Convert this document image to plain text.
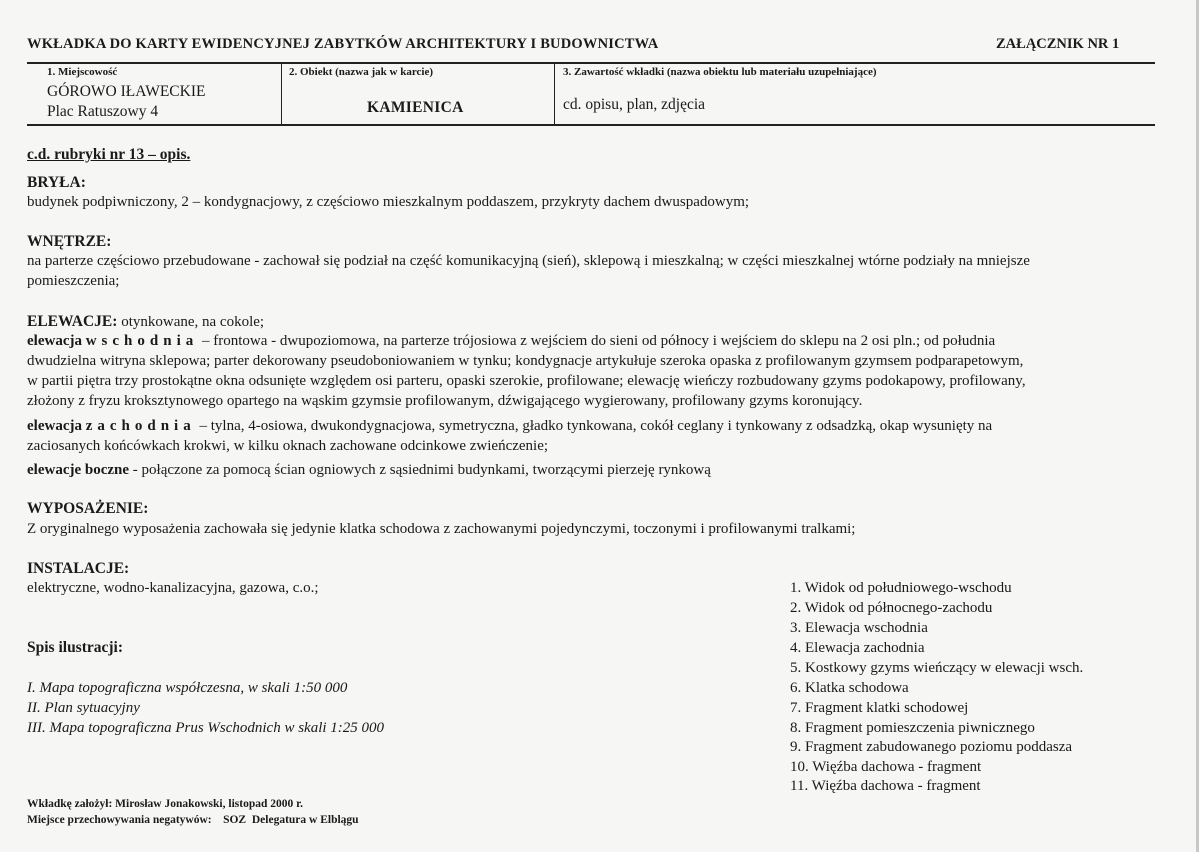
WKŁADKA DO KARTY EWIDENCYJNEJ ZABYTKÓW ARCHITEKTURY I BUDOWNICTWA	ZAŁĄCZNIK NR 1
1. Miejscowość
GÓROWO IŁAWECKIE
Plac Ratuszowy 4
2. Obiekt (nazwa jak w karcie)
KAMIENICA
3. Zawartość wkładki (nazwa obiektu lub materiału uzupełniające)
cd. opisu, plan, zdjęcia
c.d. rubryki nr 13 – opis.
BRYŁA:
budynek podpiwniczony, 2 – kondygnacjowy, z częściowo mieszkalnym poddaszem, przykryty dachem dwuspadowym;
WNĘTRZE:
na parterze częściowo przebudowane - zachował się podział na część komunikacyjną (sień), sklepową i mieszkalną; w części mieszkalnej wtórne podziały na mniejsze
pomieszczenia;
ELEWACJE: otynkowane, na cokole;
elewacja wschodnia – frontowa - dwupoziomowa, na parterze trójosiowa z wejściem do sieni od północy i wejściem do sklepu na 2 osi pln.; od południa
dwudzielna witryna sklepowa; parter dekorowany pseudoboniowaniem w tynku; kondygnacje artykułuje szeroka opaska z profilowanym gzymsem podparapetowym,
w partii piętra trzy prostokątne okna odsunięte względem osi parteru, opaski szerokie, profilowane; elewację wieńczy rozbudowany gzyms podokapowy, profilowany,
złożony z fryzu kroksztynowego opartego na wąskim gzymsie profilowanym, dźwigającego wygierowany, profilowany gzyms koronujący.
elewacja zachodnia – tylna, 4-osiowa, dwukondygnacjowa, symetryczna, gładko tynkowana, cokół ceglany i tynkowany z odsadzką, okap wysunięty na
zaciosanych końcówkach krokwi, w kilku oknach zachowane odcinkowe zwieńczenie;
elewacje boczne - połączone za pomocą ścian ogniowych z sąsiednimi budynkami, tworzącymi pierzeję rynkową
WYPOSAŻENIE:
Z oryginalnego wyposażenia zachowała się jedynie klatka schodowa z zachowanymi pojedynczymi, toczonymi i profilowanymi tralkami;
INSTALACJE:
elektryczne, wodno-kanalizacyjna, gazowa, c.o.;
Spis ilustracji:
I. Mapa topograficzna współczesna, w skali 1:50 000
II. Plan sytuacyjny
III. Mapa topograficzna Prus Wschodnich w skali 1:25 000
1. Widok od południowego-wschodu
2. Widok od północnego-zachodu
3. Elewacja wschodnia
4. Elewacja zachodnia
5. Kostkowy gzyms wieńczący w elewacji wsch.
6. Klatka schodowa
7. Fragment klatki schodowej
8. Fragment pomieszczenia piwnicznego
9. Fragment zabudowanego poziomu poddasza
10. Więźba dachowa - fragment
11. Więźba dachowa - fragment
Wkładkę założył: Mirosław Jonakowski, listopad 2000 r.
Miejsce przechowywania negatywów:    SOZ  Delegatura w Elblągu
